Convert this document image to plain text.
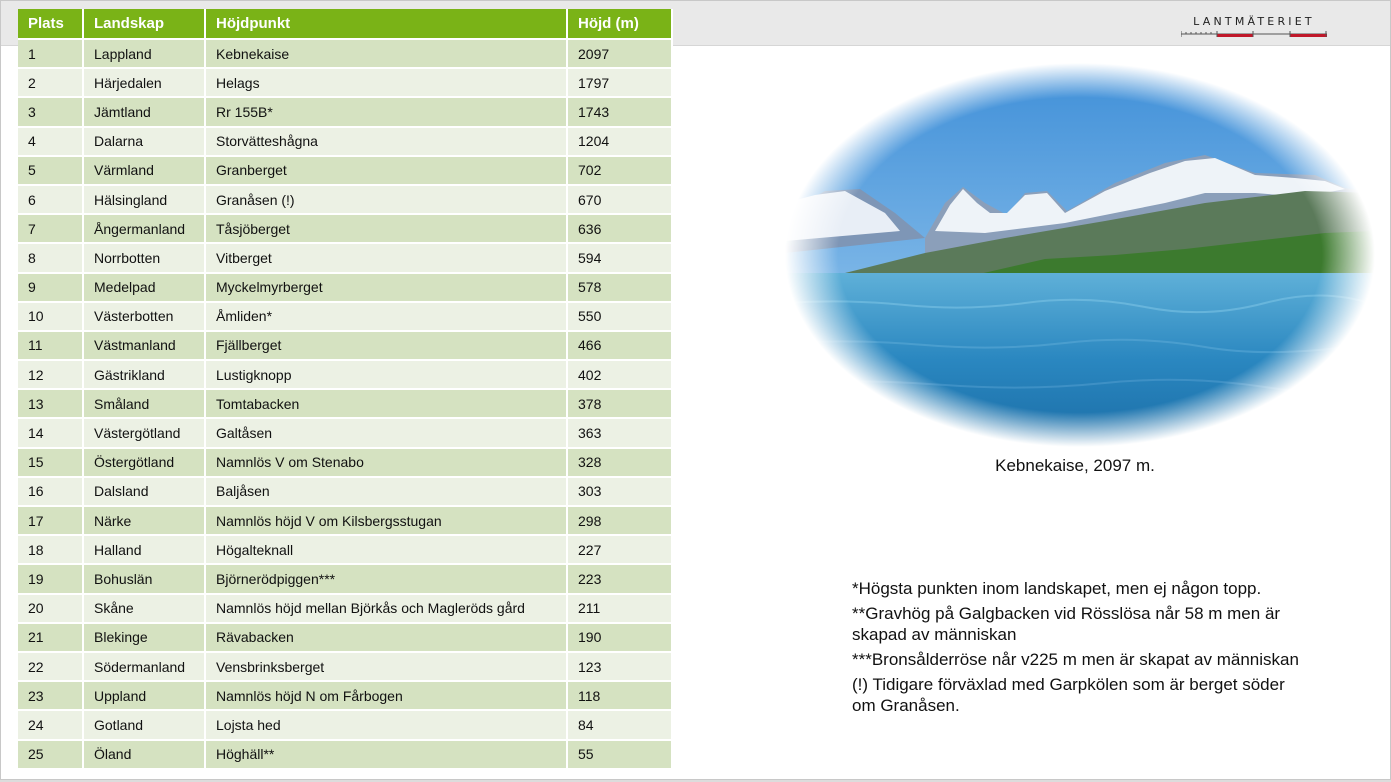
LANTMÄTERIET
Plats	Landskap	Höjdpunkt	Höjd (m)
1	Lappland	Kebnekaise	2097
2	Härjedalen	Helags	1797
3	Jämtland	Rr 155B*	1743
4	Dalarna	Storvätteshågna	1204
5	Värmland	Granberget	702
6	Hälsingland	Granåsen (!)	670
7	Ångermanland	Tåsjöberget	636
8	Norrbotten	Vitberget	594
9	Medelpad	Myckelmyrberget	578
10	Västerbotten	Åmliden*	550
11	Västmanland	Fjällberget	466
12	Gästrikland	Lustigknopp	402
13	Småland	Tomtabacken	378
14	Västergötland	Galtåsen	363
15	Östergötland	Namnlös V om Stenabo	328
16	Dalsland	Baljåsen	303
17	Närke	Namnlös höjd V om Kilsbergsstugan	298
18	Halland	Högalteknall	227
19	Bohuslän	Björnerödpiggen***	223
20	Skåne	Namnlös höjd mellan Björkås och Magleröds gård	211
21	Blekinge	Rävabacken	190
22	Södermanland	Vensbrinksberget	123
23	Uppland	Namnlös höjd N om Fårbogen	118
24	Gotland	Lojsta hed	84
25	Öland	Höghäll**	55
Kebnekaise, 2097 m.

*Högsta punkten inom landskapet, men ej någon topp.

**Gravhög på Galgbacken vid Rösslösa når 58 m men är skapad av människan

***Bronsålderröse når v225 m men är skapat av människan

(!) Tidigare förväxlad med Garpkölen som är berget söder om Granåsen.
